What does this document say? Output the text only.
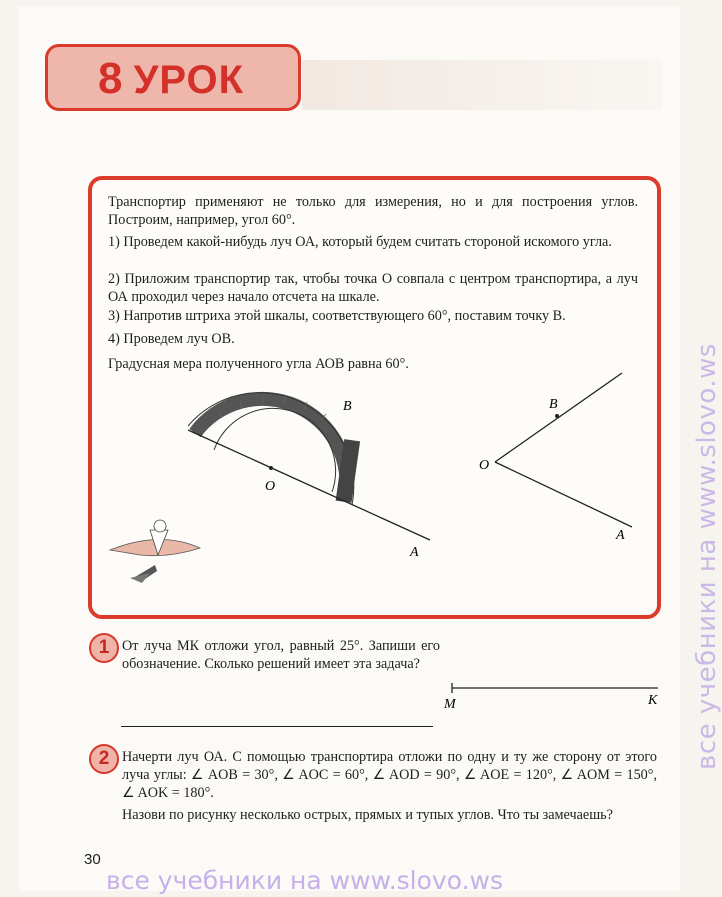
8 УРОК
Транспортир применяют не только для измерения, но и для построения углов. Построим, например, угол 60°.
1) Проведем какой-нибудь луч ОА, который будем считать стороной искомого угла.
2) Приложим транспортир так, чтобы точка О совпала с центром транспортира, а луч ОА проходил через начало отсчета на шкале.
3) Напротив штриха этой шкалы, соответствующего 60°, поставим точку В.
4) Проведем луч ОВ.
Градусная мера полученного угла АОВ равна 60°.
B
O
A
B
O
A
1 От луча МК отложи угол, равный 25°. Запиши его обозначение. Сколько решений имеет эта задача?
M	K
2 Начерти луч ОА. С помощью транспортира отложи по одну и ту же сторону от этого луча углы: ∠ AOB = 30°, ∠ AOC = 60°, ∠ AOD = 90°, ∠ AOE = 120°, ∠ AOM = 150°, ∠ AOK = 180°.
Назови по рисунку несколько острых, прямых и тупых углов. Что ты замечаешь?
30
все учебники на www.slovo.ws
все учебники на www.slovo.ws
